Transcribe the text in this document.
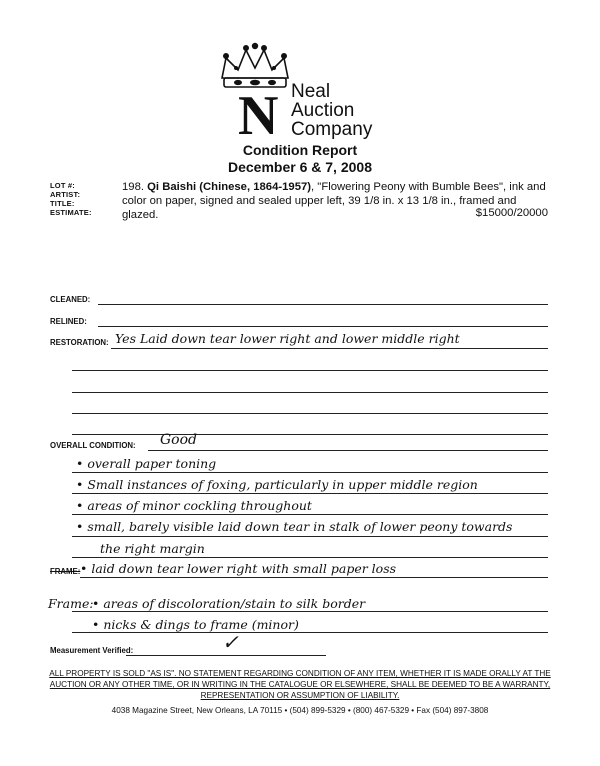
N Neal
Auction
Company
Condition Report
December 6 & 7, 2008
LOT #:
ARTIST:
TITLE:
ESTIMATE:
198. Qi Baishi (Chinese, 1864-1957), "Flowering Peony with Bumble Bees", ink and color on paper, signed and sealed upper left, 39 1/8 in. x 13 1/8 in., framed and glazed.	$15000/20000
CLEANED:
RELINED:
RESTORATION: Yes Laid down tear lower right and lower middle right
OVERALL CONDITION: Good
• overall paper toning
• Small instances of foxing, particularly in upper middle region
• areas of minor cockling throughout
• small, barely visible laid down tear in stalk of lower peony towards
the right margin
FRAME: • laid down tear lower right with small paper loss
Frame:
• areas of discoloration/stain to silk border
• nicks & dings to frame (minor)
Measurement Verified:	✓
ALL PROPERTY IS SOLD "AS IS". NO STATEMENT REGARDING CONDITION OF ANY ITEM, WHETHER IT IS MADE ORALLY AT THE AUCTION OR ANY OTHER TIME, OR IN WRITING IN THE CATALOGUE OR ELSEWHERE, SHALL BE DEEMED TO BE A WARRANTY, REPRESENTATION OR ASSUMPTION OF LIABILITY.
4038 Magazine Street, New Orleans, LA 70115 • (504) 899-5329 • (800) 467-5329 • Fax (504) 897-3808
